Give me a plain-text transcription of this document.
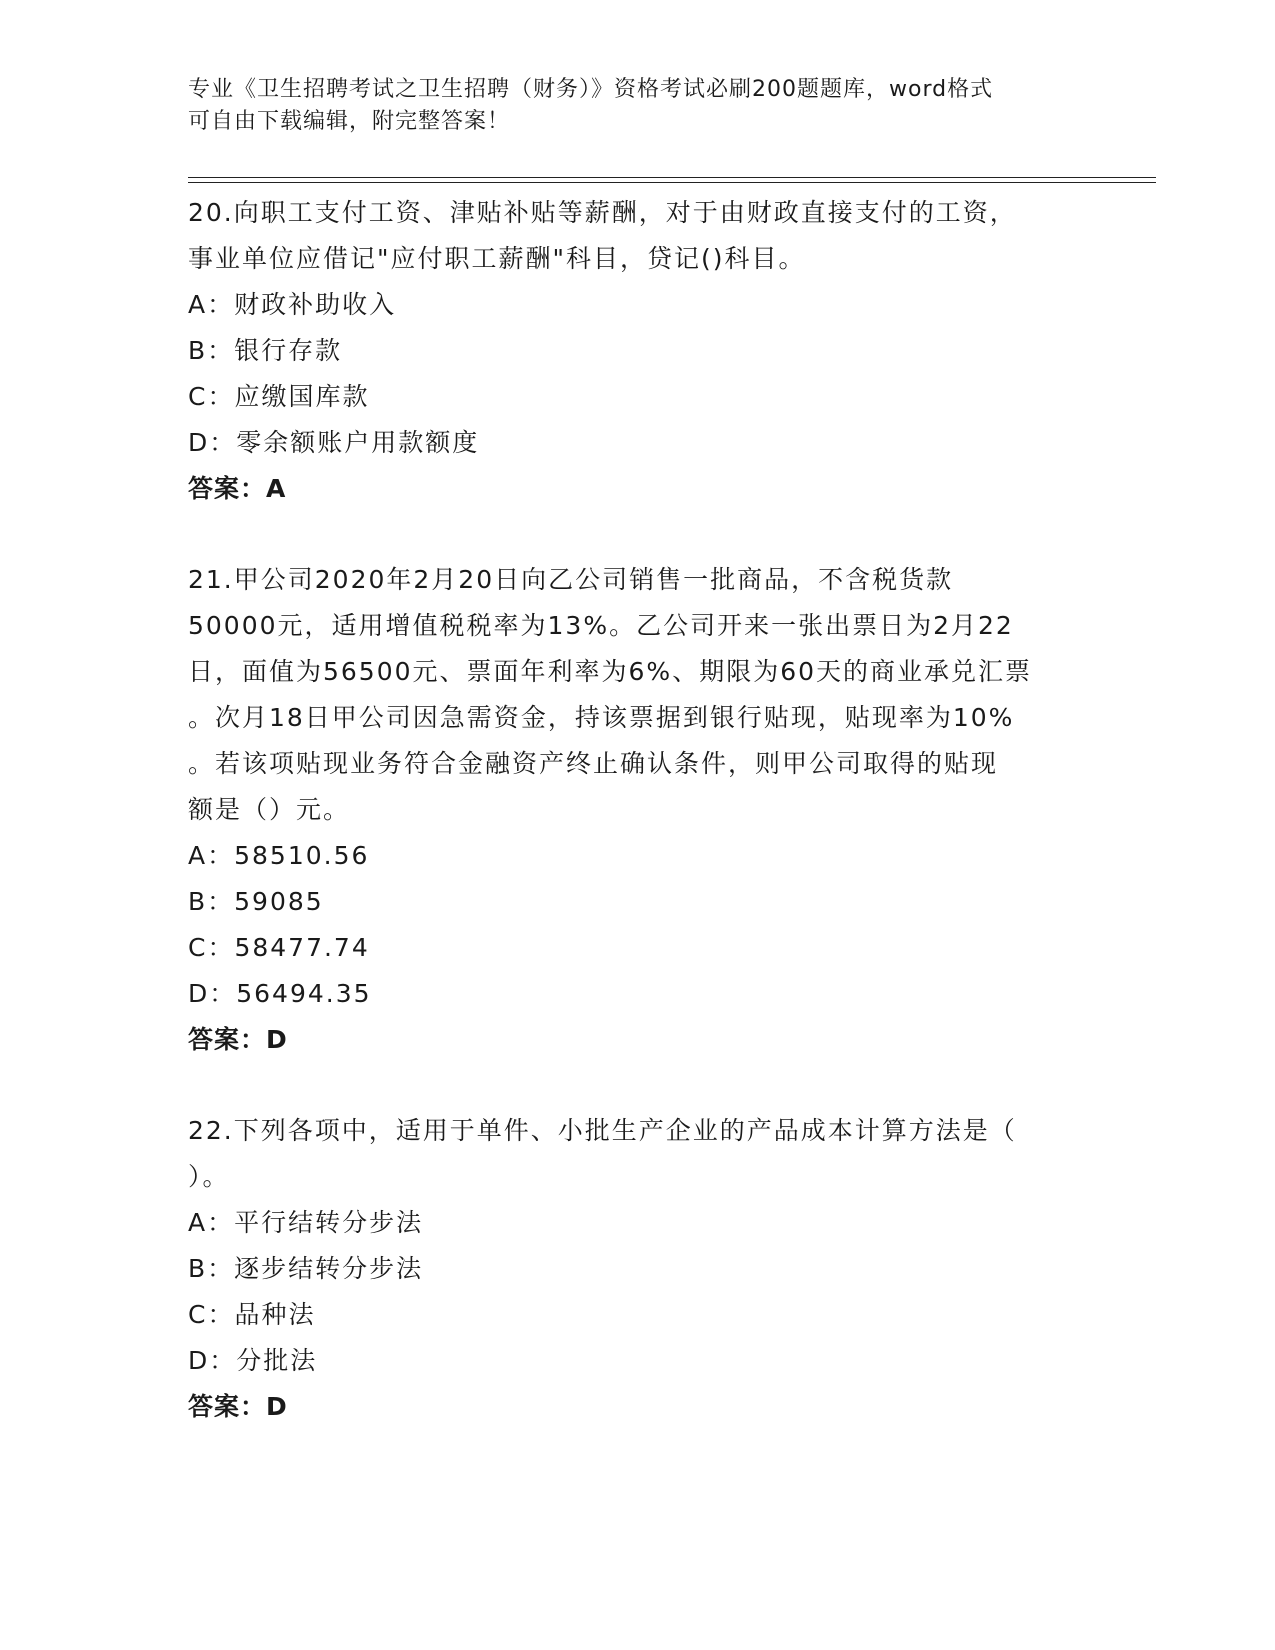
专业《卫生招聘考试之卫生招聘（财务）》资格考试必刷200题题库，word格式
可自由下载编辑，附完整答案！

20.向职工支付工资、津贴补贴等薪酬，对于由财政直接支付的工资，

事业单位应借记"应付职工薪酬"科目，贷记()科目。

A：财政补助收入

B：银行存款

C：应缴国库款

D：零余额账户用款额度

答案：A

21.甲公司2020年2月20日向乙公司销售一批商品，不含税货款

50000元，适用增值税税率为13%。乙公司开来一张出票日为2月22

日，面值为56500元、票面年利率为6%、期限为60天的商业承兑汇票

。次月18日甲公司因急需资金，持该票据到银行贴现，贴现率为10%

。若该项贴现业务符合金融资产终止确认条件，则甲公司取得的贴现

额是（）元。

A：58510.56

B：59085

C：58477.74

D：56494.35

答案：D

22.下列各项中，适用于单件、小批生产企业的产品成本计算方法是（

）。

A：平行结转分步法

B：逐步结转分步法

C：品种法

D：分批法

答案：D
